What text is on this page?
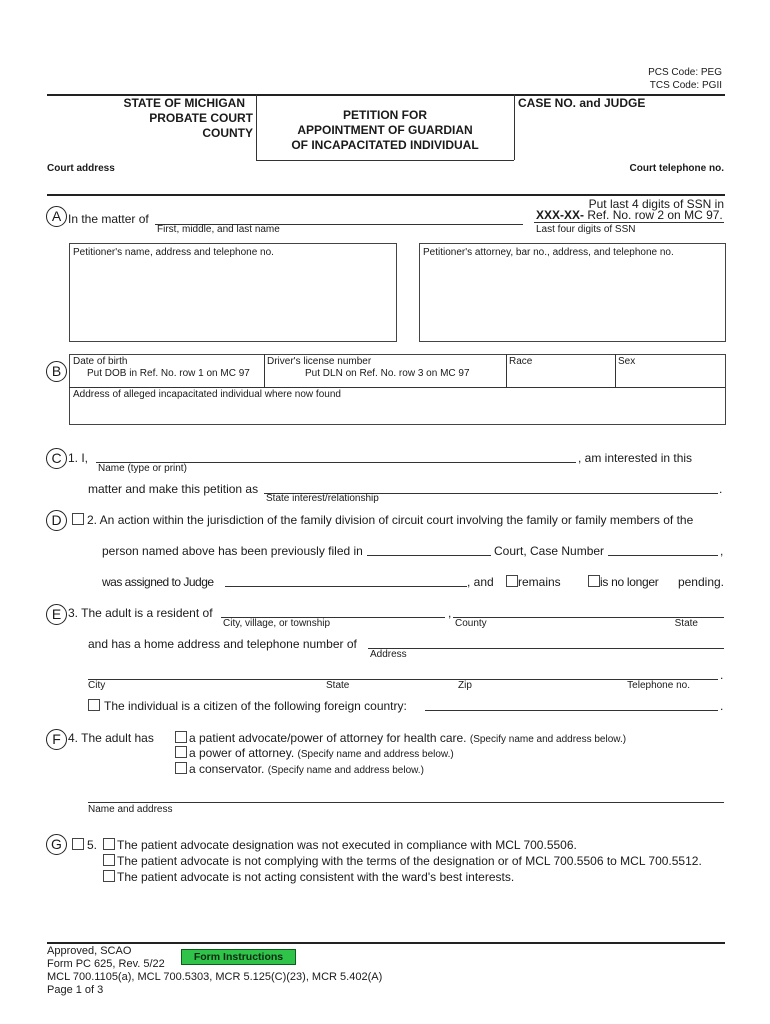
PCS Code: PEG
TCS Code: PGII
STATE OF MICHIGAN
PROBATE COURT
COUNTY
PETITION FOR
APPOINTMENT OF GUARDIAN
OF INCAPACITATED INDIVIDUAL
CASE NO. and JUDGE
Court address	Court telephone no.
A In the matter of
First, middle, and last name
Put last 4 digits of SSN in
XXX-XX- Ref. No. row 2 on MC 97.
Last four digits of SSN
Petitioner's name, address and telephone no.	Petitioner's attorney, bar no., address, and telephone no.
B
Date of birth
Put DOB in Ref. No. row 1 on MC 97
Driver's license number
Put DLN on Ref. No. row 3 on MC 97
Race	Sex
Address of alleged incapacitated individual where now found
C 1. I,
Name (type or print)
, am interested in this
matter and make this petition as
State interest/relationship
.
D	2. An action within the jurisdiction of the family division of circuit court involving the family or family members of the
person named above has been previously filed in	Court, Case Number	,
was assigned to Judge	, and remains	is no longer pending.
E 3. The adult is a resident of	,
City, village, or township	County	State
and has a home address and telephone number of
Address
.
City	State	Zip	Telephone no.
The individual is a citizen of the following foreign country:	.
F 4. The adult has	a patient advocate/power of attorney for health care. (Specify name and address below.)
a power of attorney. (Specify name and address below.)
a conservator. (Specify name and address below.)
Name and address
G	5. The patient advocate designation was not executed in compliance with MCL 700.5506.
The patient advocate is not complying with the terms of the designation or of MCL 700.5506 to MCL 700.5512.
The patient advocate is not acting consistent with the ward's best interests.
Approved, SCAO
Form PC 625, Rev. 5/22
MCL 700.1105(a), MCL 700.5303, MCR 5.125(C)(23), MCR 5.402(A)
Page 1 of 3
Form Instructions
